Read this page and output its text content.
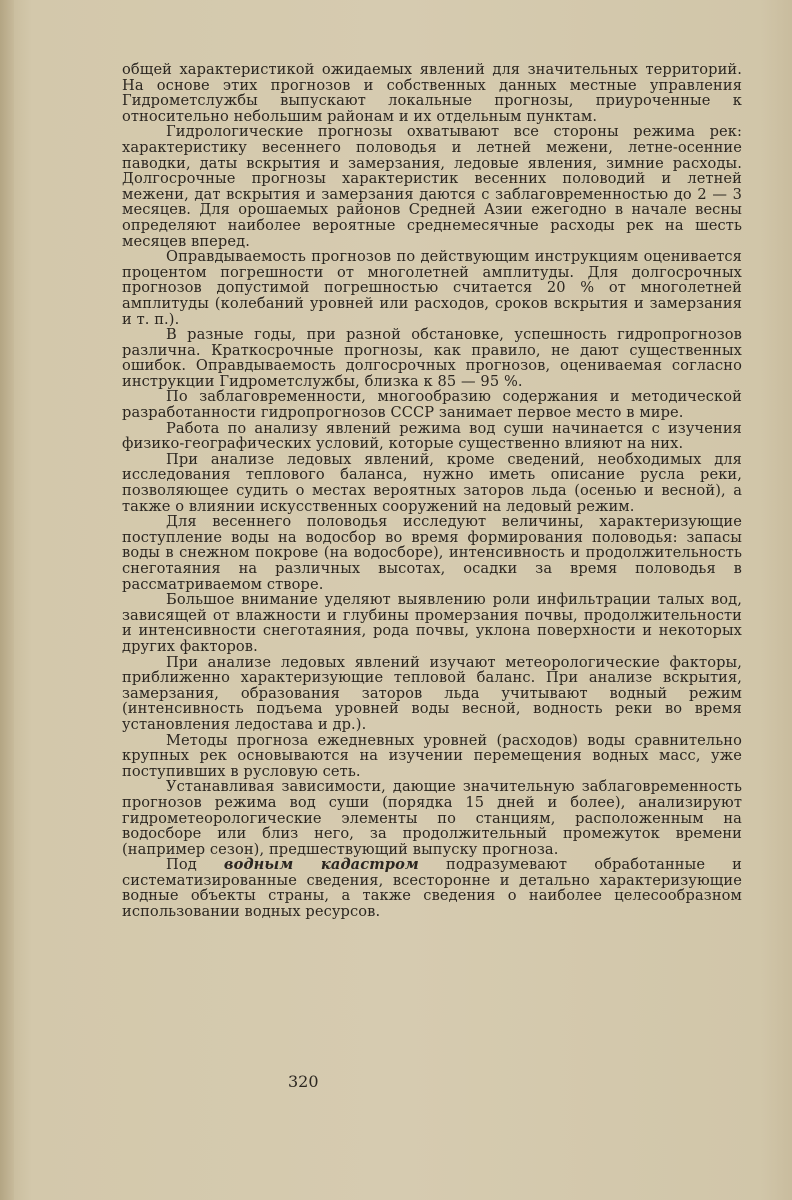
общей характеристикой ожидаемых явлений для значительных территорий. На основе этих прогнозов и собственных данных местные управления Гидрометслужбы выпускают локальные прогнозы, приуроченные к относительно небольшим районам и их отдельным пунктам.

Гидрологические прогнозы охватывают все стороны режима рек: характеристику весеннего половодья и летней межени, летне-осенние паводки, даты вскрытия и замерзания, ледовые явления, зимние расходы. Долгосрочные прогнозы характеристик весенних половодий и летней межени, дат вскрытия и замерзания даются с заблаговременностью до 2 — 3 месяцев. Для орошаемых районов Средней Азии ежегодно в начале весны определяют наиболее вероятные среднемесячные расходы рек на шесть месяцев вперед.

Оправдываемость прогнозов по действующим инструкциям оценивается процентом погрешности от многолетней амплитуды. Для долгосрочных прогнозов допустимой погрешностью считается 20 % от многолетней амплитуды (колебаний уровней или расходов, сроков вскрытия и замерзания и т. п.).

В разные годы, при разной обстановке, успешность гидропрогнозов различна. Краткосрочные прогнозы, как правило, не дают существенных ошибок. Оправдываемость долгосрочных прогнозов, оцениваемая согласно инструкции Гидрометслужбы, близка к 85 — 95 %.

По заблаговременности, многообразию содержания и методической разработанности гидропрогнозов СССР занимает первое место в мире.

Работа по анализу явлений режима вод суши начинается с изучения физико-географических условий, которые существенно влияют на них.

При анализе ледовых явлений, кроме сведений, необходимых для исследования теплового баланса, нужно иметь описание русла реки, позволяющее судить о местах вероятных заторов льда (осенью и весной), а также о влиянии искусственных сооружений на ледовый режим.

Для весеннего половодья исследуют величины, характеризующие поступление воды на водосбор во время формирования половодья: запасы воды в снежном покрове (на водосборе), интенсивность и продолжительность снеготаяния на различных высотах, осадки за время половодья в рассматриваемом створе.

Большое внимание уделяют выявлению роли инфильтрации талых вод, зависящей от влажности и глубины промерзания почвы, продолжительности и интенсивности снеготаяния, рода почвы, уклона поверхности и некоторых других факторов.

При анализе ледовых явлений изучают метеорологические факторы, приближенно характеризующие тепловой баланс. При анализе вскрытия, замерзания, образования заторов льда учитывают водный режим (интенсивность подъема уровней воды весной, водность реки во время установления ледостава и др.).

Методы прогноза ежедневных уровней (расходов) воды сравнительно крупных рек основываются на изучении перемещения водных масс, уже поступивших в русловую сеть.

Устанавливая зависимости, дающие значительную заблаговременность прогнозов режима вод суши (порядка 15 дней и более), анализируют гидрометеорологические элементы по станциям, расположенным на водосборе или близ него, за продолжительный промежуток времени (например сезон), предшествующий выпуску прогноза.

Под водным кадастром подразумевают обработанные и систематизированные сведения, всесторонне и детально характеризующие водные объекты страны, а также сведения о наиболее целесообразном использовании водных ресурсов.

320
